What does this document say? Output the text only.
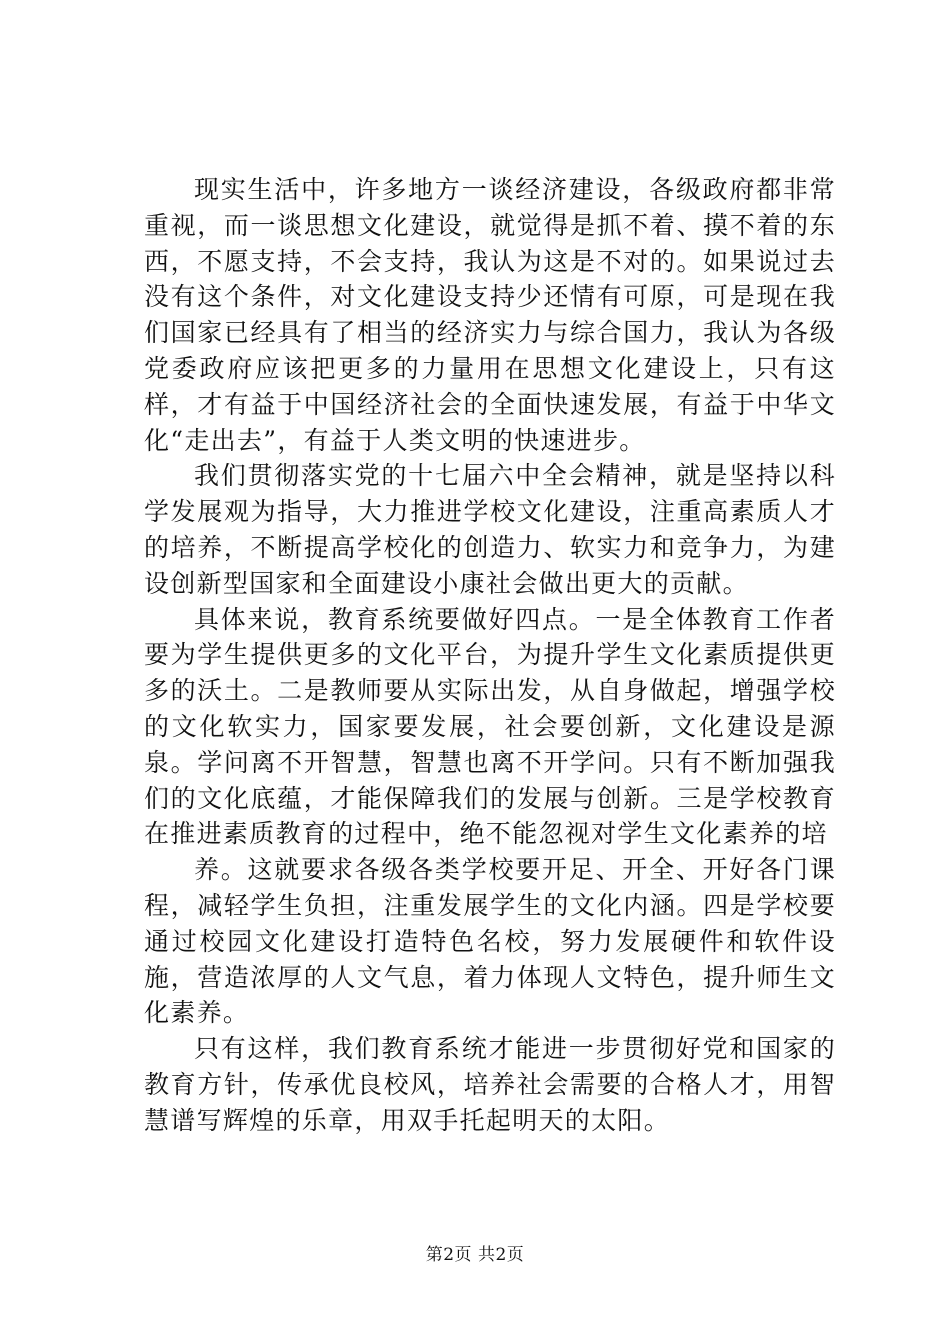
现实生活中，许多地方一谈经济建设，各级政府都非常重视，而一谈思想文化建设，就觉得是抓不着、摸不着的东西，不愿支持，不会支持，我认为这是不对的。如果说过去没有这个条件，对文化建设支持少还情有可原，可是现在我们国家已经具有了相当的经济实力与综合国力，我认为各级党委政府应该把更多的力量用在思想文化建设上，只有这样，才有益于中国经济社会的全面快速发展，有益于中华文化“走出去”，有益于人类文明的快速进步。

我们贯彻落实党的十七届六中全会精神，就是坚持以科学发展观为指导，大力推进学校文化建设，注重高素质人才的培养，不断提高学校化的创造力、软实力和竞争力，为建设创新型国家和全面建设小康社会做出更大的贡献。

具体来说，教育系统要做好四点。一是全体教育工作者要为学生提供更多的文化平台，为提升学生文化素质提供更多的沃土。二是教师要从实际出发，从自身做起，增强学校的文化软实力，国家要发展，社会要创新，文化建设是源泉。学问离不开智慧，智慧也离不开学问。只有不断加强我们的文化底蕴，才能保障我们的发展与创新。三是学校教育在推进素质教育的过程中，绝不能忽视对学生文化素养的培

养。这就要求各级各类学校要开足、开全、开好各门课程，减轻学生负担，注重发展学生的文化内涵。四是学校要通过校园文化建设打造特色名校，努力发展硬件和软件设施，营造浓厚的人文气息，着力体现人文特色，提升师生文化素养。

只有这样，我们教育系统才能进一步贯彻好党和国家的教育方针，传承优良校风，培养社会需要的合格人才，用智慧谱写辉煌的乐章，用双手托起明天的太阳。

第2页 共2页
